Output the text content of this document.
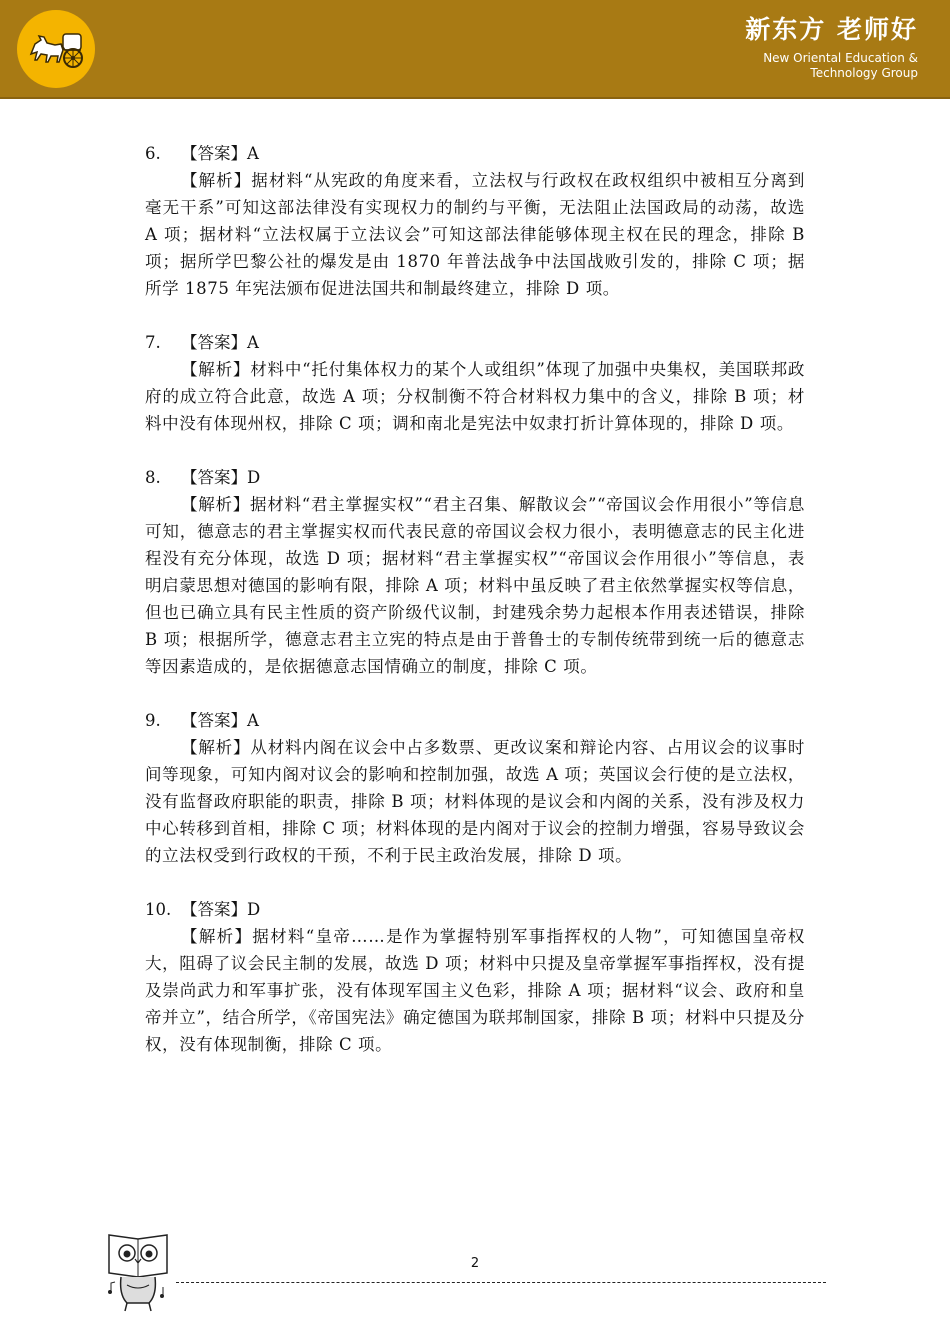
新东方 老师好
New Oriental Education &
Technology Group
6. 【答案】A
【解析】据材料“从宪政的角度来看，立法权与行政权在政权组织中被相互分离到毫无干系”可知这部法律没有实现权力的制约与平衡，无法阻止法国政局的动荡，故选 A 项；据材料“立法权属于立法议会”可知这部法律能够体现主权在民的理念，排除 B 项；据所学巴黎公社的爆发是由 1870 年普法战争中法国战败引发的，排除 C 项；据所学 1875 年宪法颁布促进法国共和制最终建立，排除 D 项。
7. 【答案】A
【解析】材料中“托付集体权力的某个人或组织”体现了加强中央集权，美国联邦政府的成立符合此意，故选 A 项；分权制衡不符合材料权力集中的含义，排除 B 项；材料中没有体现州权，排除 C 项；调和南北是宪法中奴隶打折计算体现的，排除 D 项。
8. 【答案】D
【解析】据材料“君主掌握实权”“君主召集、解散议会”“帝国议会作用很小”等信息可知，德意志的君主掌握实权而代表民意的帝国议会权力很小，表明德意志的民主化进程没有充分体现，故选 D 项；据材料“君主掌握实权”“帝国议会作用很小”等信息，表明启蒙思想对德国的影响有限，排除 A 项；材料中虽反映了君主依然掌握实权等信息，但也已确立具有民主性质的资产阶级代议制，封建残余势力起根本作用表述错误，排除 B 项；根据所学，德意志君主立宪的特点是由于普鲁士的专制传统带到统一后的德意志等因素造成的，是依据德意志国情确立的制度，排除 C 项。
9. 【答案】A
【解析】从材料内阁在议会中占多数票、更改议案和辩论内容、占用议会的议事时间等现象，可知内阁对议会的影响和控制加强，故选 A 项；英国议会行使的是立法权，没有监督政府职能的职责，排除 B 项；材料体现的是议会和内阁的关系，没有涉及权力中心转移到首相，排除 C 项；材料体现的是内阁对于议会的控制力增强，容易导致议会的立法权受到行政权的干预，不利于民主政治发展，排除 D 项。
10. 【答案】D
【解析】据材料“皇帝……是作为掌握特别军事指挥权的人物”，可知德国皇帝权大，阻碍了议会民主制的发展，故选 D 项；材料中只提及皇帝掌握军事指挥权，没有提及崇尚武力和军事扩张，没有体现军国主义色彩，排除 A 项；据材料“议会、政府和皇帝并立”，结合所学，《帝国宪法》确定德国为联邦制国家，排除 B 项；材料中只提及分权，没有体现制衡，排除 C 项。
2
